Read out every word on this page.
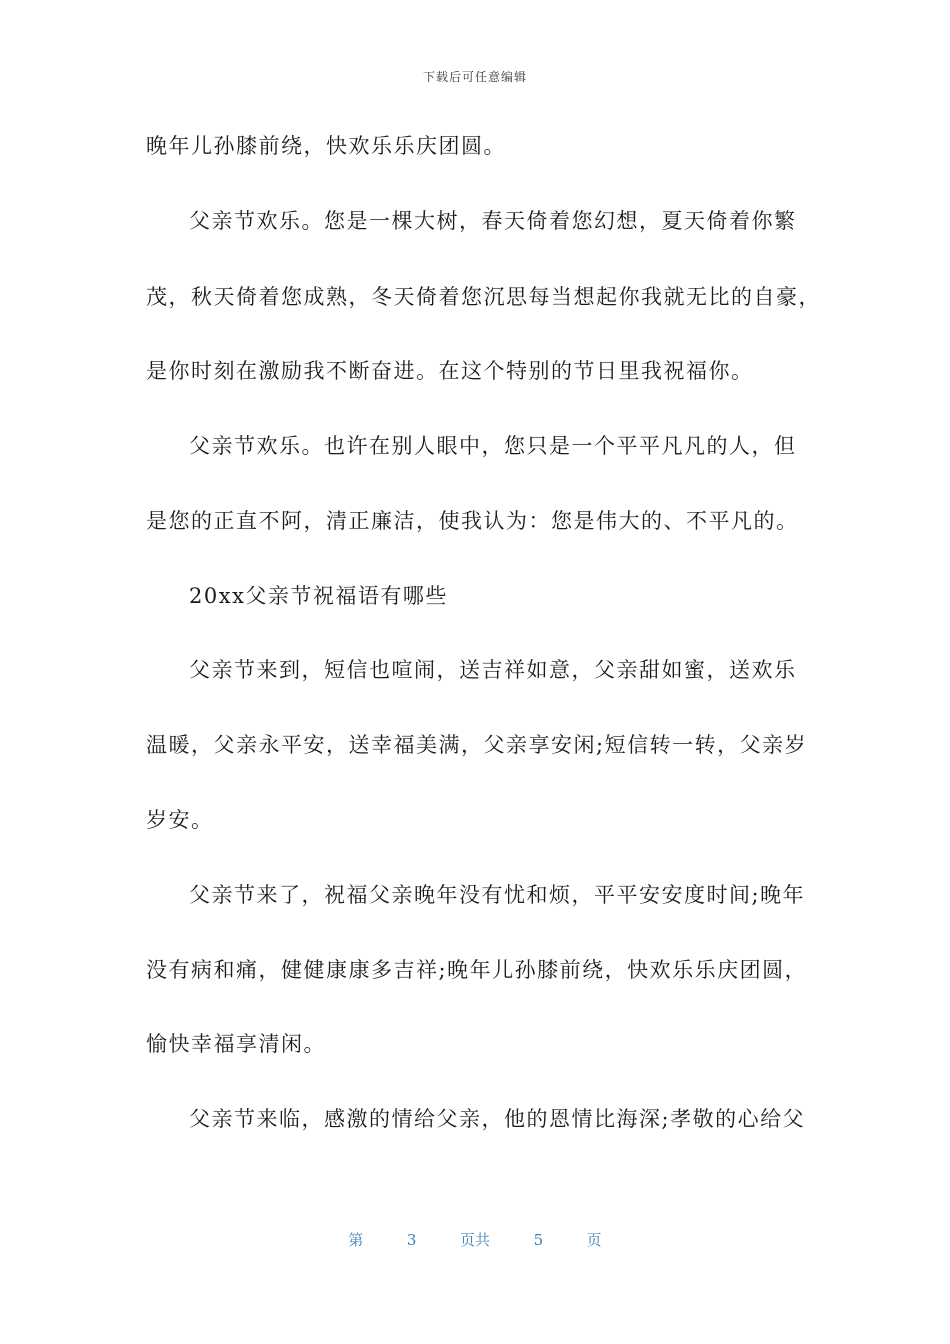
下载后可任意编辑
晚年儿孙膝前绕，快欢乐乐庆团圆。
父亲节欢乐。您是一棵大树，春天倚着您幻想，夏天倚着你繁
茂，秋天倚着您成熟，冬天倚着您沉思每当想起你我就无比的自豪，
是你时刻在激励我不断奋进。在这个特别的节日里我祝福你。
父亲节欢乐。也许在别人眼中，您只是一个平平凡凡的人，但
是您的正直不阿，清正廉洁，使我认为：您是伟大的、不平凡的。
20xx父亲节祝福语有哪些
父亲节来到，短信也喧闹，送吉祥如意，父亲甜如蜜，送欢乐
温暖，父亲永平安，送幸福美满，父亲享安闲;短信转一转，父亲岁
岁安。
父亲节来了，祝福父亲晚年没有忧和烦，平平安安度时间;晚年
没有病和痛，健健康康多吉祥;晚年儿孙膝前绕，快欢乐乐庆团圆，
愉快幸福享清闲。
父亲节来临，感激的情给父亲，他的恩情比海深;孝敬的心给父
第	3	页共	5	页
